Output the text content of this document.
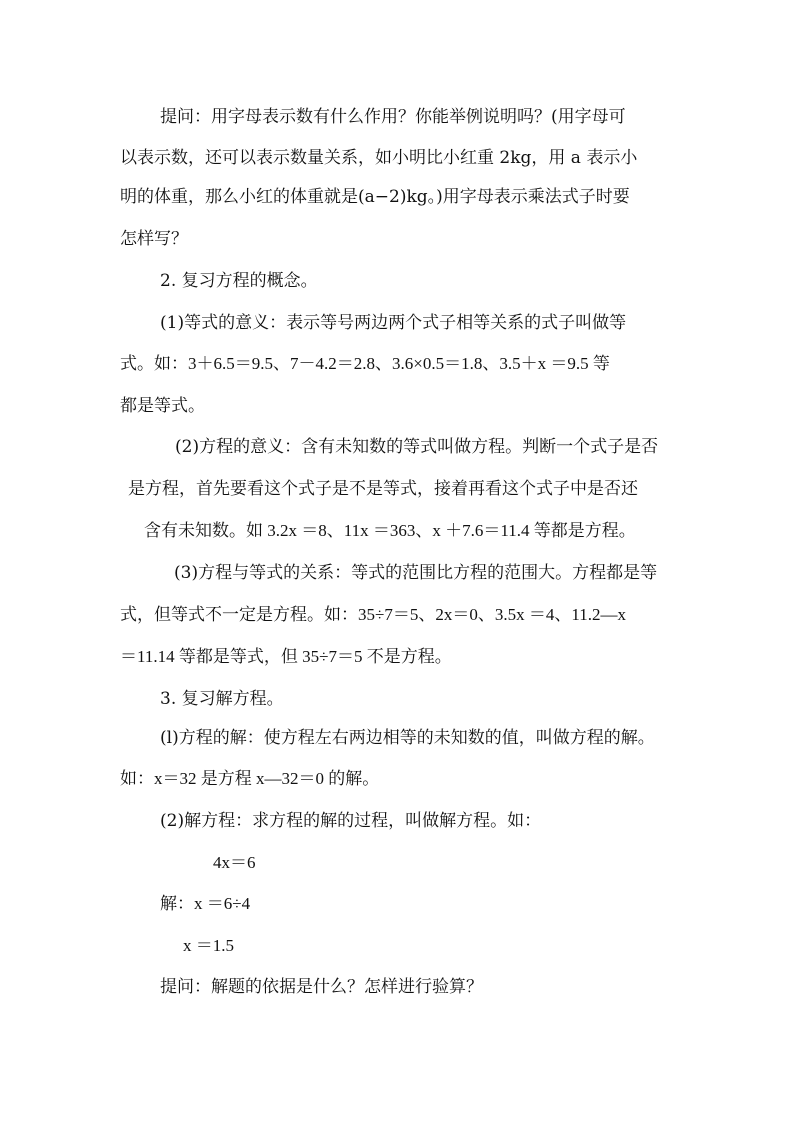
提问：用字母表示数有什么作用？你能举例说明吗？(用字母可
以表示数，还可以表示数量关系，如小明比小红重 2kg，用 a 表示小
明的体重，那么小红的体重就是(a−2)kg。)用字母表示乘法式子时要
怎样写？
2. 复习方程的概念。
(1)等式的意义：表示等号两边两个式子相等关系的式子叫做等
式。如：3＋6.5＝9.5、7－4.2＝2.8、3.6×0.5＝1.8、3.5＋x ＝9.5 等
都是等式。
(2)方程的意义：含有未知数的等式叫做方程。判断一个式子是否
是方程，首先要看这个式子是不是等式，接着再看这个式子中是否还
含有未知数。如 3.2x ＝8、11x ＝363、x ＋7.6＝11.4 等都是方程。
(3)方程与等式的关系：等式的范围比方程的范围大。方程都是等
式，但等式不一定是方程。如：35÷7＝5、2x＝0、3.5x ＝4、11.2—x
＝11.14 等都是等式，但 35÷7＝5 不是方程。
3. 复习解方程。
(l)方程的解：使方程左右两边相等的未知数的值，叫做方程的解。
如：x＝32 是方程 x—32＝0 的解。
(2)解方程：求方程的解的过程，叫做解方程。如：
4x＝6
解：x ＝6÷4
x ＝1.5
提问：解题的依据是什么？怎样进行验算？
